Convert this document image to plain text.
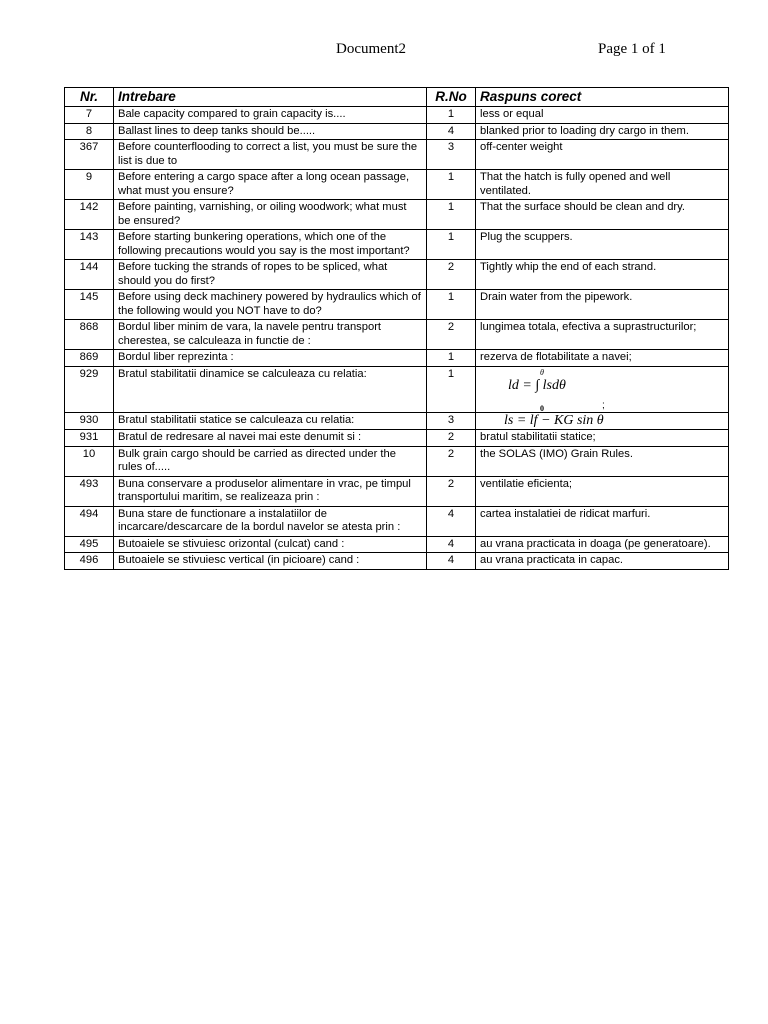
Document2	Page 1 of 1
Nr.	Intrebare	R.No	Raspuns corect
7	Bale capacity compared to grain capacity is....	1	less or equal
8	Ballast lines to deep tanks should be.....	4	blanked prior to loading dry cargo in them.
367	Before counterflooding to correct a list, you must be sure the list is due to	3	off-center weight
9	Before entering a cargo space after a long ocean passage, what must you ensure?	1	That the hatch is fully opened and well ventilated.
142	Before painting, varnishing, or oiling woodwork; what must be ensured?	1	That the surface should be clean and dry.
143	Before starting bunkering operations, which one of the following precautions would you say is the most important?	1	Plug the scuppers.
144	Before tucking the strands of ropes to be spliced, what should you do first?	2	Tightly whip the end of each strand.
145	Before using deck machinery powered by hydraulics which of the following would you NOT have to do?	1	Drain water from the pipework.
868	Bordul liber minim de vara, la navele pentru transport cherestea, se calculeaza in functie de :	2	lungimea totala, efectiva a suprastructurilor;
869	Bordul liber reprezinta :	1	rezerva de flotabilitate a navei;
929	Bratul stabilitatii dinamice se calculeaza cu relatia:	1	θ
ld = ∫ lsdθ
0 ;

930	Bratul stabilitatii statice se calculeaza cu relatia:	3	ls = lf − KG sin θ
931	Bratul de redresare al navei mai este denumit si :	2	bratul stabilitatii statice;
10	Bulk grain cargo should be carried as directed under the rules of.....	2	the SOLAS (IMO) Grain Rules.
493	Buna conservare a produselor alimentare in vrac, pe timpul transportului maritim, se realizeaza prin :	2	ventilatie eficienta;
494	Buna stare de functionare a instalatiilor de incarcare/descarcare de la bordul navelor se atesta prin :	4	cartea instalatiei de ridicat marfuri.
495	Butoaiele se stivuiesc orizontal (culcat) cand :	4	au vrana practicata in doaga (pe generatoare).
496	Butoaiele se stivuiesc vertical (in picioare) cand :	4	au vrana practicata in capac.
